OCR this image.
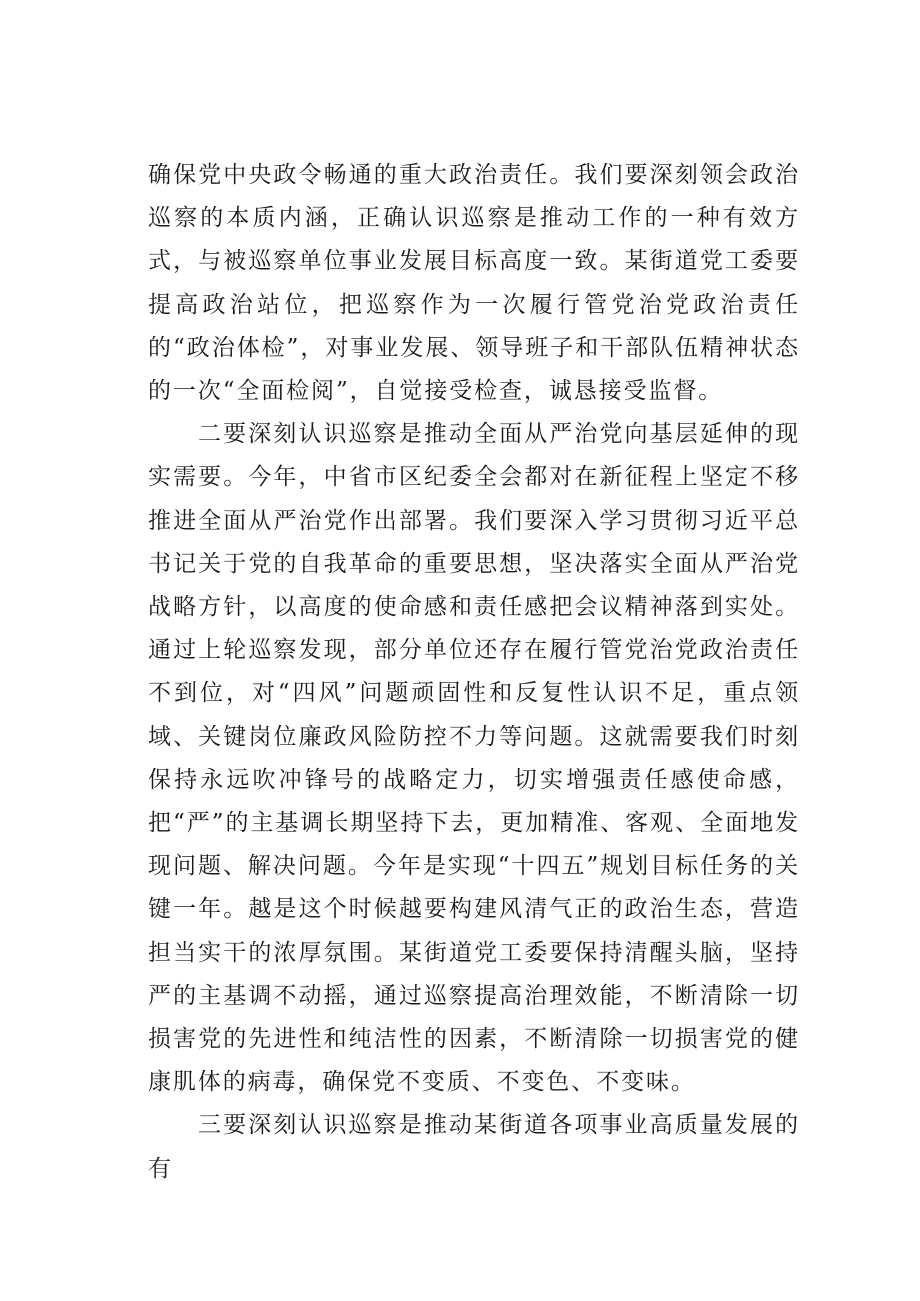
确保党中央政令畅通的重大政治责任。我们要深刻领会政治巡察的本质内涵，正确认识巡察是推动工作的一种有效方式，与被巡察单位事业发展目标高度一致。某街道党工委要提高政治站位，把巡察作为一次履行管党治党政治责任的“政治体检”，对事业发展、领导班子和干部队伍精神状态的一次“全面检阅”，自觉接受检查，诚恳接受监督。

二要深刻认识巡察是推动全面从严治党向基层延伸的现实需要。今年，中省市区纪委全会都对在新征程上坚定不移推进全面从严治党作出部署。我们要深入学习贯彻习近平总书记关于党的自我革命的重要思想，坚决落实全面从严治党战略方针，以高度的使命感和责任感把会议精神落到实处。通过上轮巡察发现，部分单位还存在履行管党治党政治责任不到位，对“四风”问题顽固性和反复性认识不足，重点领域、关键岗位廉政风险防控不力等问题。这就需要我们时刻保持永远吹冲锋号的战略定力，切实增强责任感使命感，把“严”的主基调长期坚持下去，更加精准、客观、全面地发现问题、解决问题。今年是实现“十四五”规划目标任务的关键一年。越是这个时候越要构建风清气正的政治生态，营造担当实干的浓厚氛围。某街道党工委要保持清醒头脑，坚持严的主基调不动摇，通过巡察提高治理效能，不断清除一切损害党的先进性和纯洁性的因素，不断清除一切损害党的健康肌体的病毒，确保党不变质、不变色、不变味。

三要深刻认识巡察是推动某街道各项事业高质量发展的有
